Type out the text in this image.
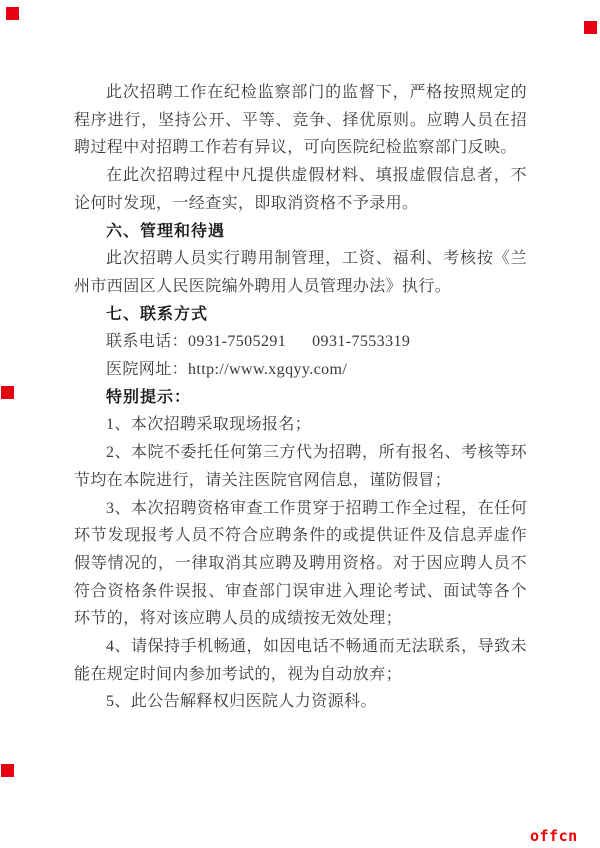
此次招聘工作在纪检监察部门的监督下，严格按照规定的程序进行，坚持公开、平等、竞争、择优原则。应聘人员在招聘过程中对招聘工作若有异议，可向医院纪检监察部门反映。

在此次招聘过程中凡提供虚假材料、填报虚假信息者，不论何时发现，一经查实，即取消资格不予录用。

六、管理和待遇

此次招聘人员实行聘用制管理，工资、福利、考核按《兰州市西固区人民医院编外聘用人员管理办法》执行。

七、联系方式

联系电话：0931-7505291 0931-7553319

医院网址：http://www.xgqyy.com/

特别提示：

1、本次招聘采取现场报名；

2、本院不委托任何第三方代为招聘，所有报名、考核等环节均在本院进行，请关注医院官网信息，谨防假冒；

3、本次招聘资格审查工作贯穿于招聘工作全过程，在任何环节发现报考人员不符合应聘条件的或提供证件及信息弄虚作假等情况的，一律取消其应聘及聘用资格。对于因应聘人员不符合资格条件误报、审查部门误审进入理论考试、面试等各个环节的，将对该应聘人员的成绩按无效处理；

4、请保持手机畅通，如因电话不畅通而无法联系，导致未能在规定时间内参加考试的，视为自动放弃；

5、此公告解释权归医院人力资源科。

offcn
